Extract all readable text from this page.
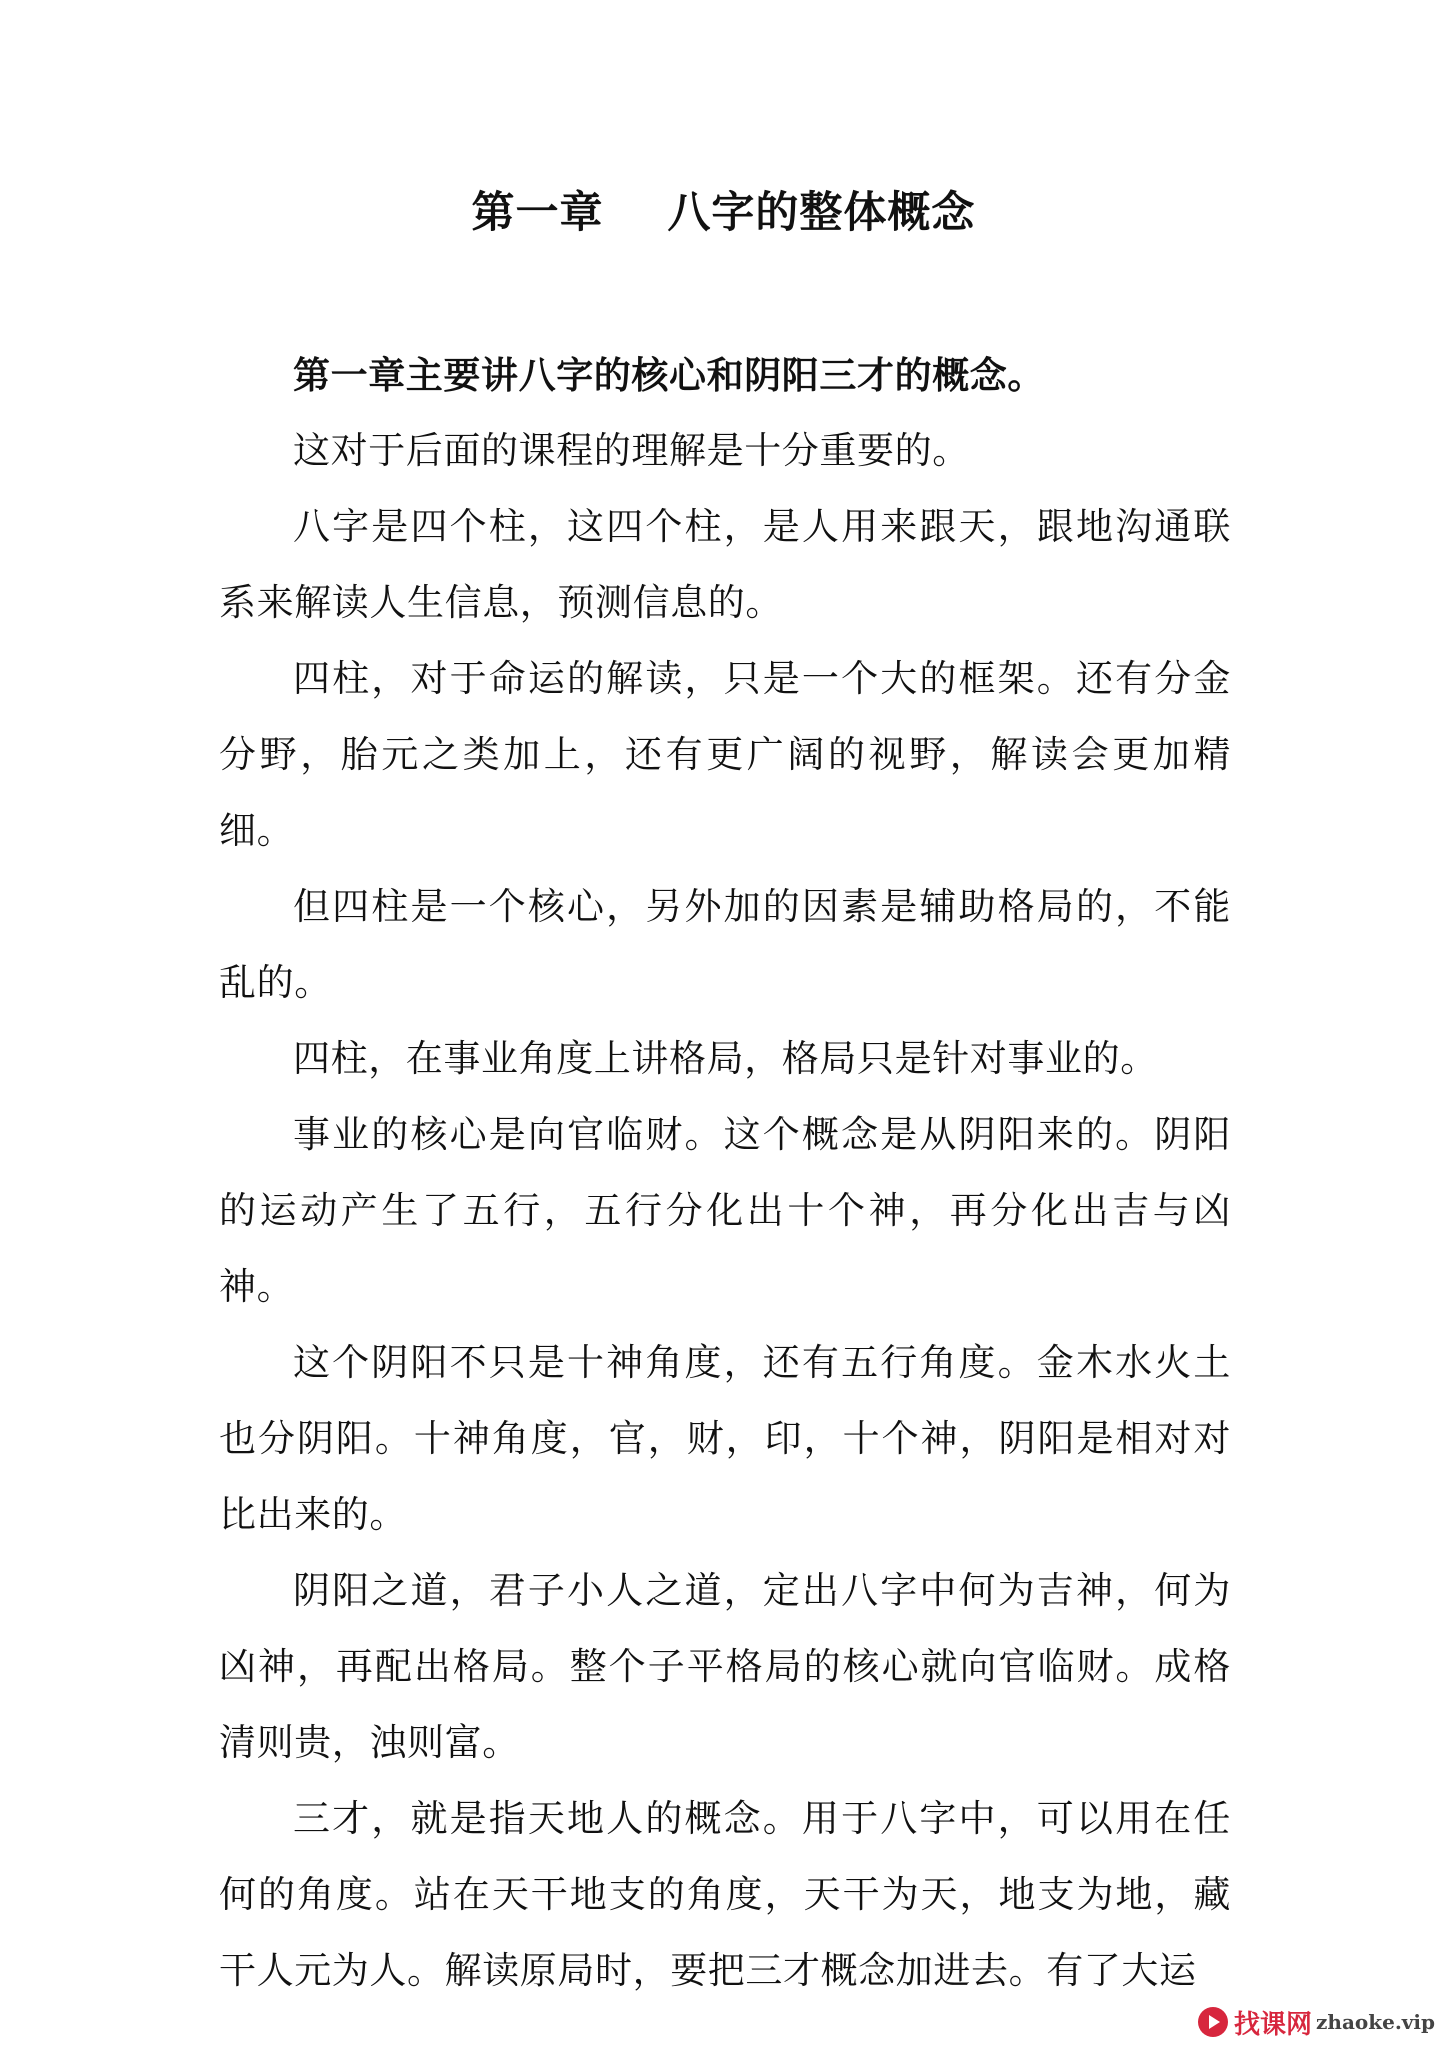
第一章    八字的整体概念

第一章主要讲八字的核心和阴阳三才的概念。

这对于后面的课程的理解是十分重要的。

八字是四个柱，这四个柱，是人用来跟天，跟地沟通联系来解读人生信息，预测信息的。

四柱，对于命运的解读，只是一个大的框架。还有分金分野，胎元之类加上，还有更广阔的视野，解读会更加精细。

但四柱是一个核心，另外加的因素是辅助格局的，不能乱的。

四柱，在事业角度上讲格局，格局只是针对事业的。

事业的核心是向官临财。这个概念是从阴阳来的。阴阳的运动产生了五行，五行分化出十个神，再分化出吉与凶神。

这个阴阳不只是十神角度，还有五行角度。金木水火土也分阴阳。十神角度，官，财，印，十个神，阴阳是相对对比出来的。

阴阳之道，君子小人之道，定出八字中何为吉神，何为凶神，再配出格局。整个子平格局的核心就向官临财。成格清则贵，浊则富。

三才，就是指天地人的概念。用于八字中，可以用在任何的角度。站在天干地支的角度，天干为天，地支为地，藏干人元为人。解读原局时，要把三才概念加进去。有了大运

找课网 zhaoke.vip
